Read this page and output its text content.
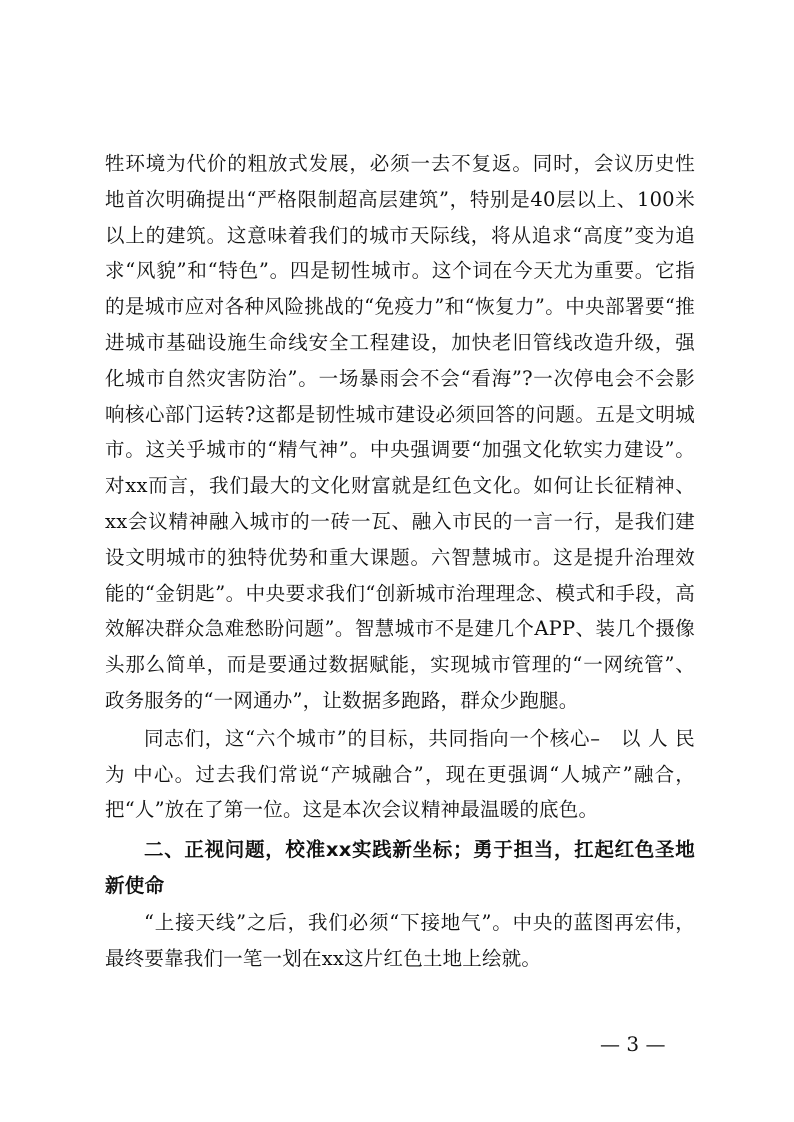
牲环境为代价的粗放式发展，必须一去不复返。同时，会议历史性地首次明确提出“严格限制超高层建筑”，特别是40层以上、100米以上的建筑。这意味着我们的城市天际线，将从追求“高度”变为追求“风貌”和“特色”。四是韧性城市。这个词在今天尤为重要。它指的是城市应对各种风险挑战的“免疫力”和“恢复力”。中央部署要“推进城市基础设施生命线安全工程建设，加快老旧管线改造升级，强化城市自然灾害防治”。一场暴雨会不会“看海”?一次停电会不会影响核心部门运转?这都是韧性城市建设必须回答的问题。五是文明城市。这关乎城市的“精气神”。中央强调要“加强文化软实力建设”。对xx而言，我们最大的文化财富就是红色文化。如何让长征精神、xx会议精神融入城市的一砖一瓦、融入市民的一言一行，是我们建设文明城市的独特优势和重大课题。六智慧城市。这是提升治理效能的“金钥匙”。中央要求我们“创新城市治理理念、模式和手段，高效解决群众急难愁盼问题”。智慧城市不是建几个APP、装几个摄像头那么简单，而是要通过数据赋能，实现城市管理的“一网统管”、政务服务的“一网通办”，让数据多跑路，群众少跑腿。

同志们，这“六个城市”的目标，共同指向一个核心–　以 人 民 为 中心。过去我们常说“产城融合”，现在更强调“人城产”融合，把“人”放在了第一位。这是本次会议精神最温暖的底色。

二、正视问题，校准xx实践新坐标；勇于担当，扛起红色圣地新使命

“上接天线”之后，我们必须“下接地气”。中央的蓝图再宏伟，最终要靠我们一笔一划在xx这片红色土地上绘就。

— 3 —
